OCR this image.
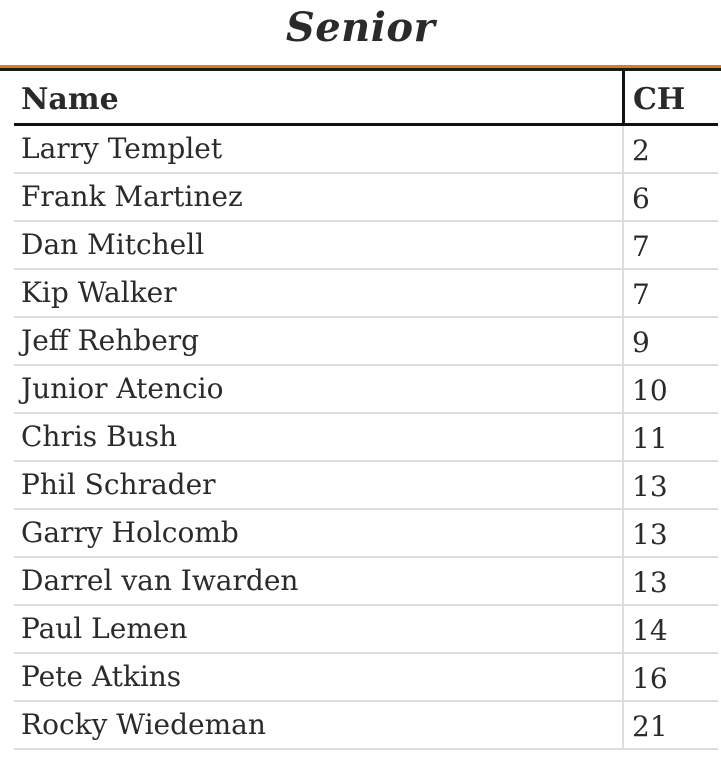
Senior
Name	CH
Larry Templet	2
Frank Martinez	6
Dan Mitchell	7
Kip Walker	7
Jeff Rehberg	9
Junior Atencio	10
Chris Bush	11
Phil Schrader	13
Garry Holcomb	13
Darrel van Iwarden	13
Paul Lemen	14
Pete Atkins	16
Rocky Wiedeman	21
